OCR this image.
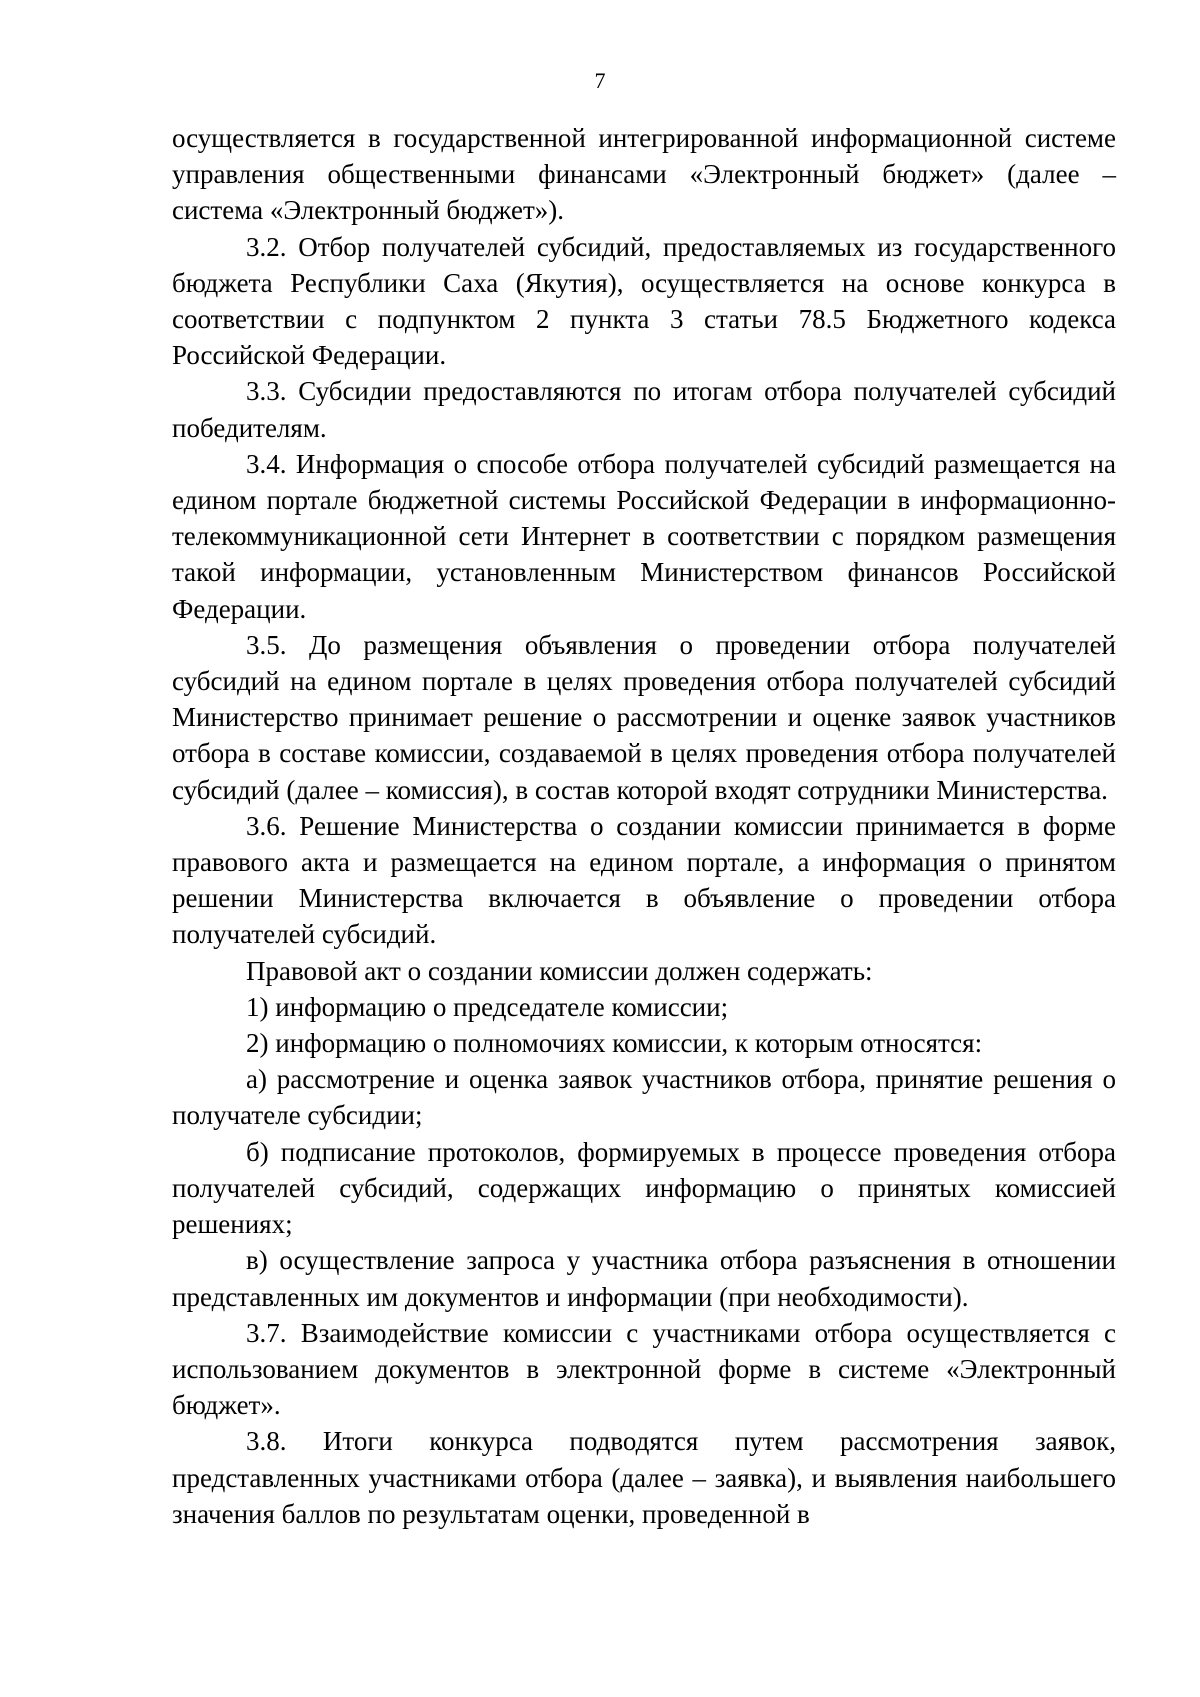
7

осуществляется в государственной интегрированной информационной системе управления общественными финансами «Электронный бюджет» (далее – система «Электронный бюджет»).

3.2. Отбор получателей субсидий, предоставляемых из государственного бюджета Республики Саха (Якутия), осуществляется на основе конкурса в соответствии с подпунктом 2 пункта 3 статьи 78.5 Бюджетного кодекса Российской Федерации.

3.3. Субсидии предоставляются по итогам отбора получателей субсидий победителям.

3.4. Информация о способе отбора получателей субсидий размещается на едином портале бюджетной системы Российской Федерации в информационно-телекоммуникационной сети Интернет в соответствии с порядком размещения такой информации, установленным Министерством финансов Российской Федерации.

3.5. До размещения объявления о проведении отбора получателей субсидий на едином портале в целях проведения отбора получателей субсидий Министерство принимает решение о рассмотрении и оценке заявок участников отбора в составе комиссии, создаваемой в целях проведения отбора получателей субсидий (далее – комиссия), в состав которой входят сотрудники Министерства.

3.6. Решение Министерства о создании комиссии принимается в форме правового акта и размещается на едином портале, а информация о принятом решении Министерства включается в объявление о проведении отбора получателей субсидий.

Правовой акт о создании комиссии должен содержать:

1) информацию о председателе комиссии;

2) информацию о полномочиях комиссии, к которым относятся:

а) рассмотрение и оценка заявок участников отбора, принятие решения о получателе субсидии;

б) подписание протоколов, формируемых в процессе проведения отбора получателей субсидий, содержащих информацию о принятых комиссией решениях;

в) осуществление запроса у участника отбора разъяснения в отношении представленных им документов и информации (при необходимости).

3.7. Взаимодействие комиссии с участниками отбора осуществляется с использованием документов в электронной форме в системе «Электронный бюджет».

3.8. Итоги конкурса подводятся путем рассмотрения заявок, представленных участниками отбора (далее – заявка), и выявления наибольшего значения баллов по результатам оценки, проведенной в
